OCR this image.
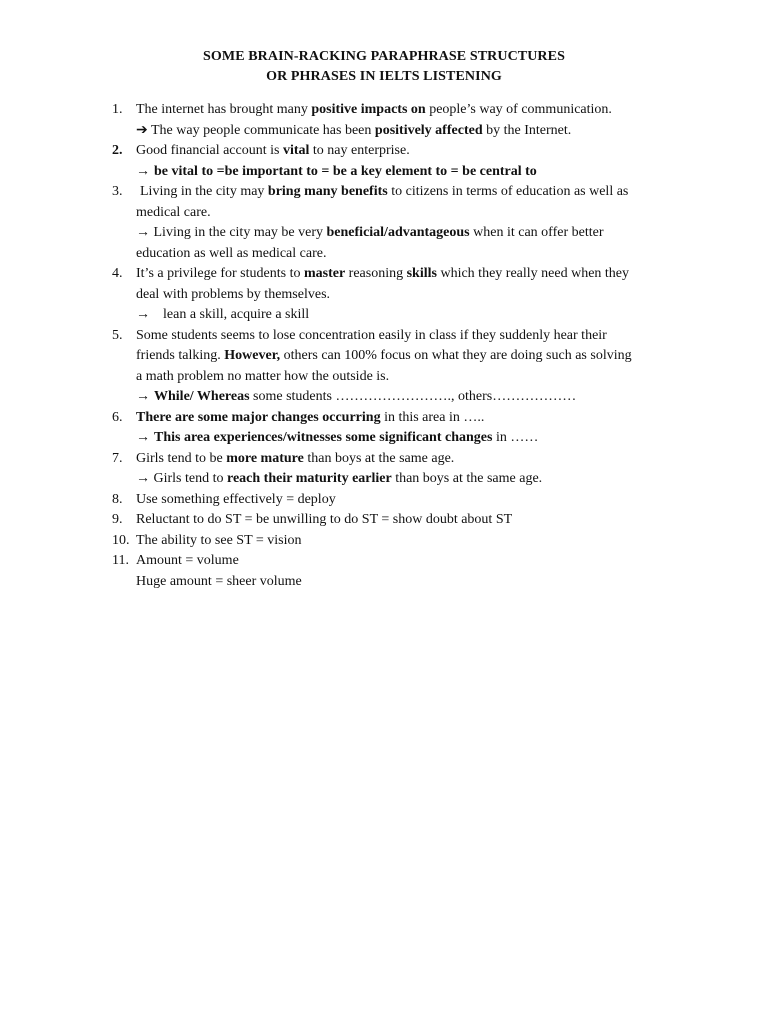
SOME BRAIN-RACKING PARAPHRASE STRUCTURES
OR PHRASES IN IELTS LISTENING
1. The internet has brought many positive impacts on people’s way of communication.
➔ The way people communicate has been positively affected by the Internet.
2. Good financial account is vital to nay enterprise.
→ be vital to =be important to = be a key element to = be central to
3.	Living in the city may bring many benefits to citizens in terms of education as well as
medical care.
→ Living in the city may be very beneficial/advantageous when it can offer better
education as well as medical care.
4. It’s a privilege for students to master reasoning skills which they really need when they
deal with problems by themselves.
→ lean a skill, acquire a skill
5. Some students seems to lose concentration easily in class if they suddenly hear their
friends talking. However, others can 100% focus on what they are doing such as solving
a math problem no matter how the outside is.
→ While/ Whereas some students ……………………., others………………
6. There are some major changes occurring in this area in …..
→ This area experiences/witnesses some significant changes in ……
7. Girls tend to be more mature than boys at the same age.
→ Girls tend to reach their maturity earlier than boys at the same age.
8. Use something effectively = deploy
9. Reluctant to do ST = be unwilling to do ST = show doubt about ST
10. The ability to see ST = vision
11. Amount = volume
Huge amount = sheer volume
